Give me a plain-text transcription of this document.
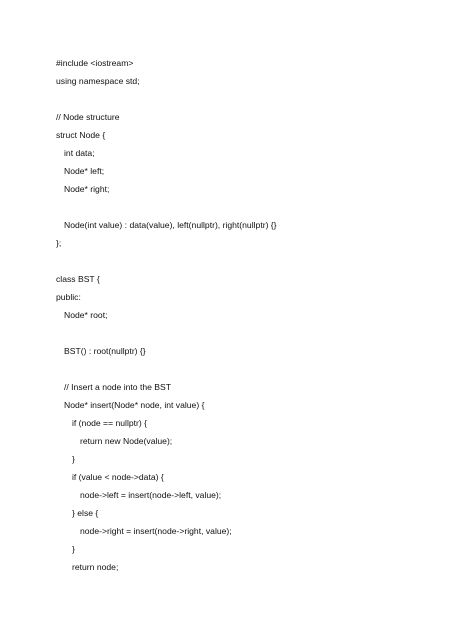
#include <iostream>
using namespace std;
// Node structure
struct Node {
int data;
Node* left;
Node* right;
Node(int value) : data(value), left(nullptr), right(nullptr) {}
};
class BST {
public:
Node* root;
BST() : root(nullptr) {}
// Insert a node into the BST
Node* insert(Node* node, int value) {
if (node == nullptr) {
return new Node(value);
}
if (value < node->data) {
node->left = insert(node->left, value);
} else {
node->right = insert(node->right, value);
}
return node;
